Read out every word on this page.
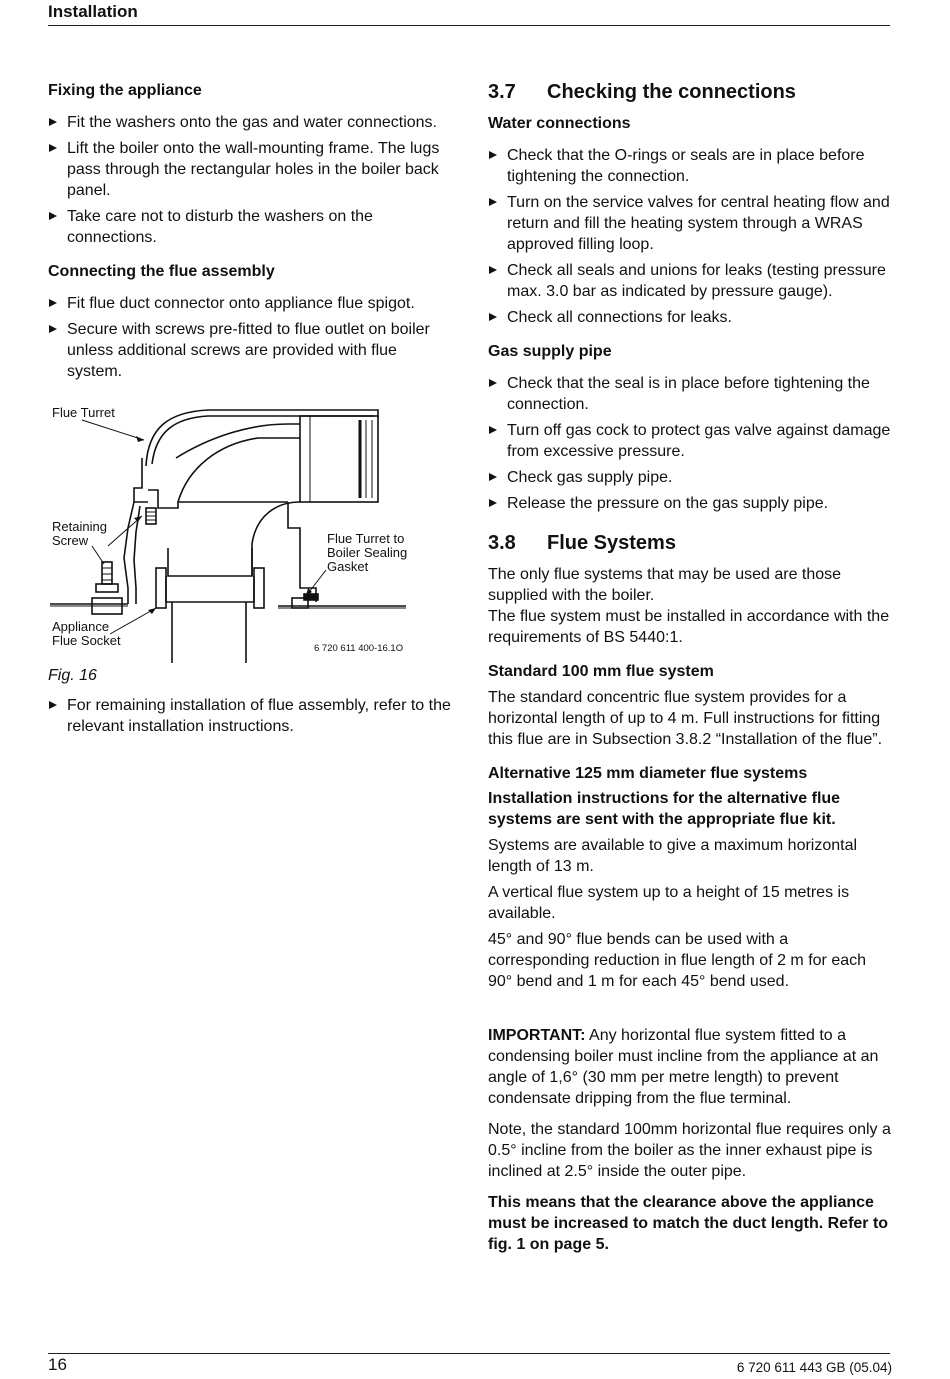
Installation
Fixing the appliance
Fit the washers onto the gas and water connections.
Lift the boiler onto the wall-mounting frame. The lugs pass through the rectangular holes in the boiler back panel.
Take care not to disturb the washers on the connections.
Connecting the flue assembly
Fit flue duct connector onto appliance flue spigot.
Secure with screws pre-fitted to flue outlet on boiler unless additional screws are provided with flue system.
Flue Turret
Retaining
Screw	Flue Turret to
Boiler Sealing
Gasket
Appliance
Flue Socket
6 720 611 400-16.1O
Fig. 16
For remaining installation of flue assembly, refer to the relevant installation instructions.
3.7 Checking the connections
Water connections
Check that the O-rings or seals are in place before tightening the connection.
Turn on the service valves for central heating flow and return and fill the heating system through a WRAS approved filling loop.
Check all seals and unions for leaks (testing pressure max. 3.0 bar as indicated by pressure gauge).
Check all connections for leaks.
Gas supply pipe
Check that the seal is in place before tightening the connection.
Turn off gas cock to protect gas valve against damage from excessive pressure.
Check gas supply pipe.
Release the pressure on the gas supply pipe.
3.8 Flue Systems

The only flue systems that may be used are those supplied with the boiler.

The flue system must be installed in accordance with the requirements of BS 5440:1.

Standard 100 mm flue system

The standard concentric flue system provides for a horizontal length of up to 4 m. Full instructions for fitting this flue are in Subsection 3.8.2 “Installation of the flue”.

Alternative 125 mm diameter flue systems

Installation instructions for the alternative flue systems are sent with the appropriate flue kit.

Systems are available to give a maximum horizontal length of 13 m.

A vertical flue system up to a height of 15 metres is available.

45° and 90° flue bends can be used with a corresponding reduction in flue length of 2 m for each 90° bend and 1 m for each 45° bend used.

IMPORTANT: Any horizontal flue system fitted to a condensing boiler must incline from the appliance at an angle of 1,6° (30 mm per metre length) to prevent condensate dripping from the flue terminal.

Note, the standard 100mm horizontal flue requires only a 0.5° incline from the boiler as the inner exhaust pipe is inclined at 2.5° inside the outer pipe.

This means that the clearance above the appliance must be increased to match the duct length. Refer to fig. 1 on page 5.

16	6 720 611 443 GB (05.04)
